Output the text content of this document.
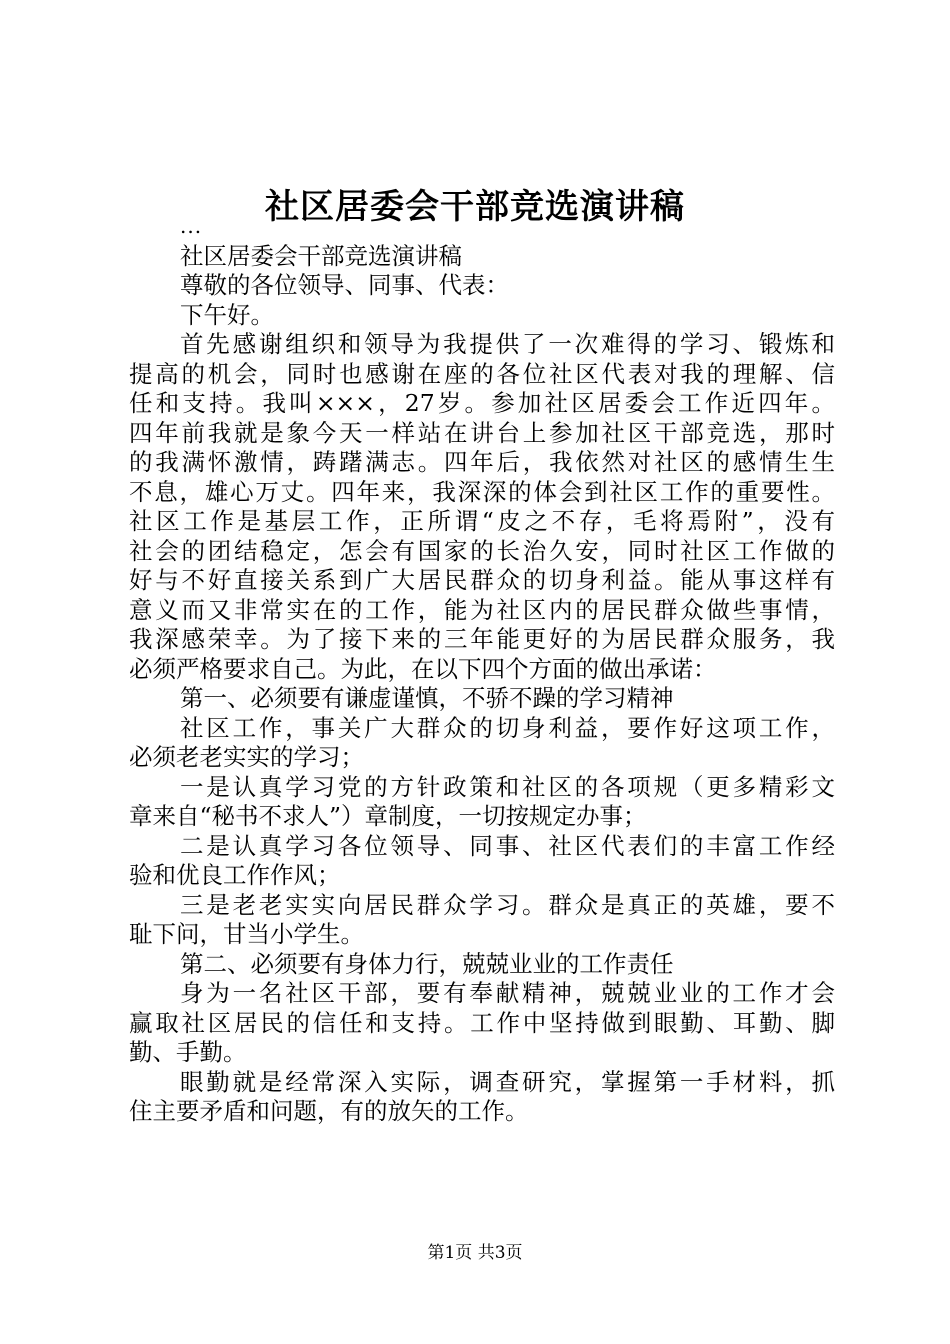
社区居委会干部竞选演讲稿
...
社区居委会干部竞选演讲稿
尊敬的各位领导、同事、代表：
下午好。
首先感谢组织和领导为我提供了一次难得的学习、锻炼和
提高的机会，同时也感谢在座的各位社区代表对我的理解、信
任和支持。我叫×××，27岁。参加社区居委会工作近四年。
四年前我就是象今天一样站在讲台上参加社区干部竞选，那时
的我满怀激情，踌躇满志。四年后，我依然对社区的感情生生
不息，雄心万丈。四年来，我深深的体会到社区工作的重要性。
社区工作是基层工作，正所谓“皮之不存，毛将焉附”，没有
社会的团结稳定，怎会有国家的长治久安，同时社区工作做的
好与不好直接关系到广大居民群众的切身利益。能从事这样有
意义而又非常实在的工作，能为社区内的居民群众做些事情，
我深感荣幸。为了接下来的三年能更好的为居民群众服务，我
必须严格要求自己。为此，在以下四个方面的做出承诺：
第一、必须要有谦虚谨慎，不骄不躁的学习精神
社区工作，事关广大群众的切身利益，要作好这项工作，
必须老老实实的学习；
一是认真学习党的方针政策和社区的各项规（更多精彩文
章来自“秘书不求人”）章制度，一切按规定办事；
二是认真学习各位领导、同事、社区代表们的丰富工作经
验和优良工作作风；
三是老老实实向居民群众学习。群众是真正的英雄，要不
耻下问，甘当小学生。
第二、必须要有身体力行，兢兢业业的工作责任
身为一名社区干部，要有奉献精神，兢兢业业的工作才会
赢取社区居民的信任和支持。工作中坚持做到眼勤、耳勤、脚
勤、手勤。
眼勤就是经常深入实际，调查研究，掌握第一手材料，抓
住主要矛盾和问题，有的放矢的工作。
第1页 共3页
